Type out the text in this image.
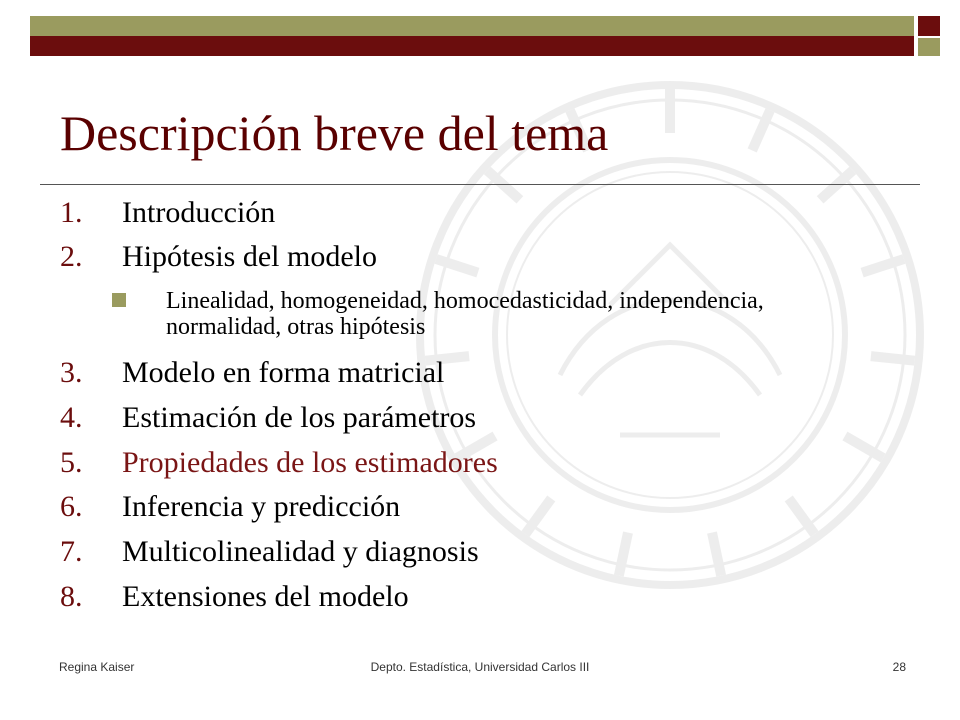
Descripción breve del tema
1. Introducción
2. Hipótesis del modelo
Linealidad, homogeneidad, homocedasticidad, independencia, normalidad, otras hipótesis
3. Modelo en forma matricial
4. Estimación de los parámetros
5. Propiedades de los estimadores
6. Inferencia y predicción
7. Multicolinealidad y diagnosis
8. Extensiones del modelo
Regina Kaiser	Depto. Estadística, Universidad Carlos III	28
